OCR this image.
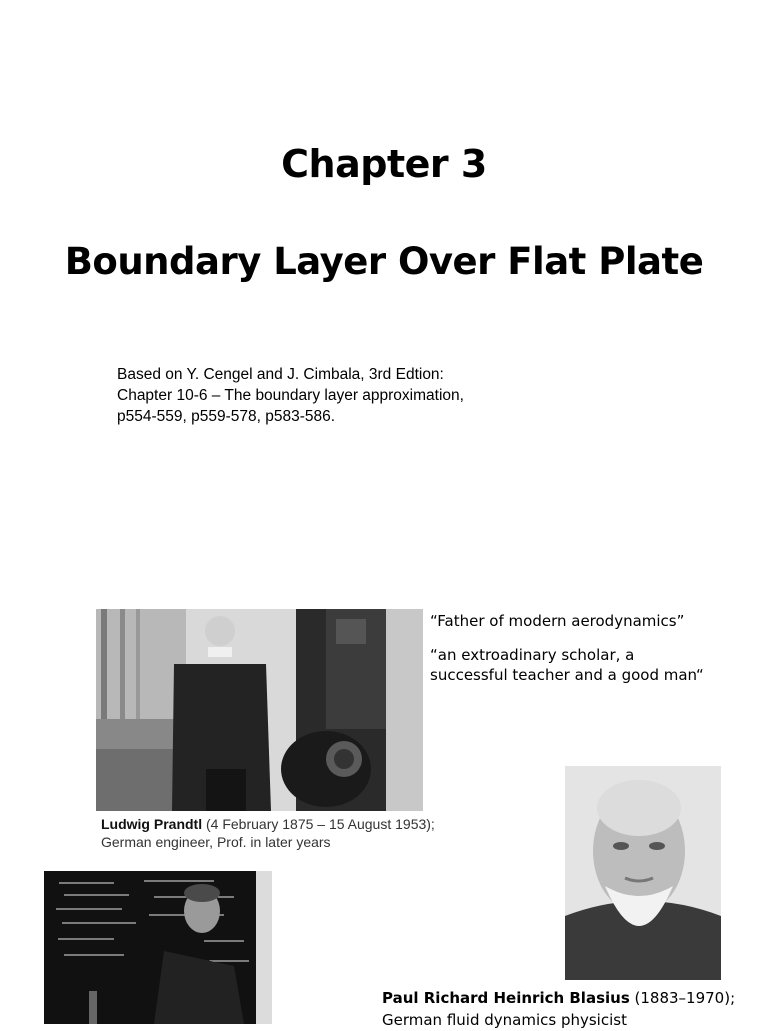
Chapter 3
Boundary Layer Over Flat Plate
Based on Y. Cengel and J. Cimbala, 3rd Edtion:
Chapter 10-6 – The boundary layer approximation,
p554-559, p559-578, p583-586.
“Father of modern aerodynamics”
“an extroadinary scholar, a
successful teacher and a good man“
Ludwig Prandtl (4 February 1875 – 15 August 1953);
German engineer, Prof. in later years
Paul Richard Heinrich Blasius (1883–1970);
German fluid dynamics physicist
